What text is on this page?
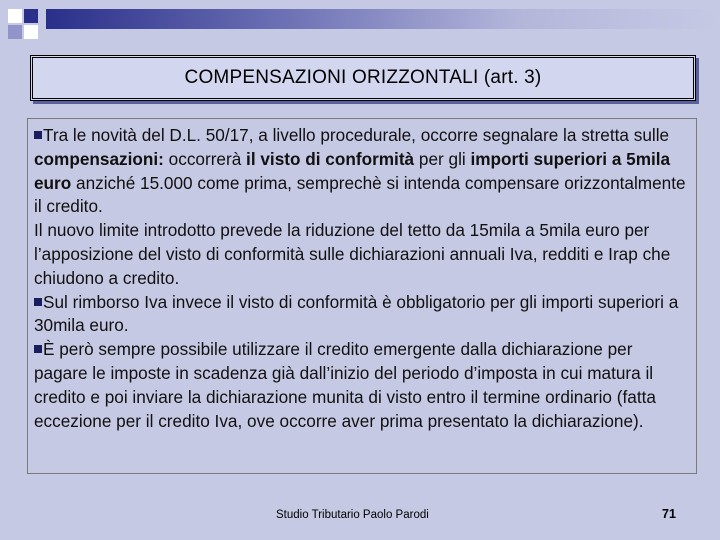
COMPENSAZIONI ORIZZONTALI (art. 3)

Tra le novità del D.L. 50/17, a livello procedurale, occorre segnalare la stretta sulle compensazioni: occorrerà il visto di conformità per gli importi superiori a 5mila euro anziché 15.000 come prima, semprechè si intenda compensare orizzontalmente il credito.

Il nuovo limite introdotto prevede la riduzione del tetto da 15mila a 5mila euro per l’apposizione del visto di conformità sulle dichiarazioni annuali Iva, redditi e Irap che chiudono a credito.

Sul rimborso Iva invece il visto di conformità è obbligatorio per gli importi superiori a 30mila euro.

È però sempre possibile utilizzare il credito emergente dalla dichiarazione per pagare le imposte in scadenza già dall’inizio del periodo d’imposta in cui matura il credito e poi inviare la dichiarazione munita di visto entro il termine ordinario (fatta eccezione per il credito Iva, ove occorre aver prima presentato la dichiarazione).

Studio Tributario Paolo Parodi	71
